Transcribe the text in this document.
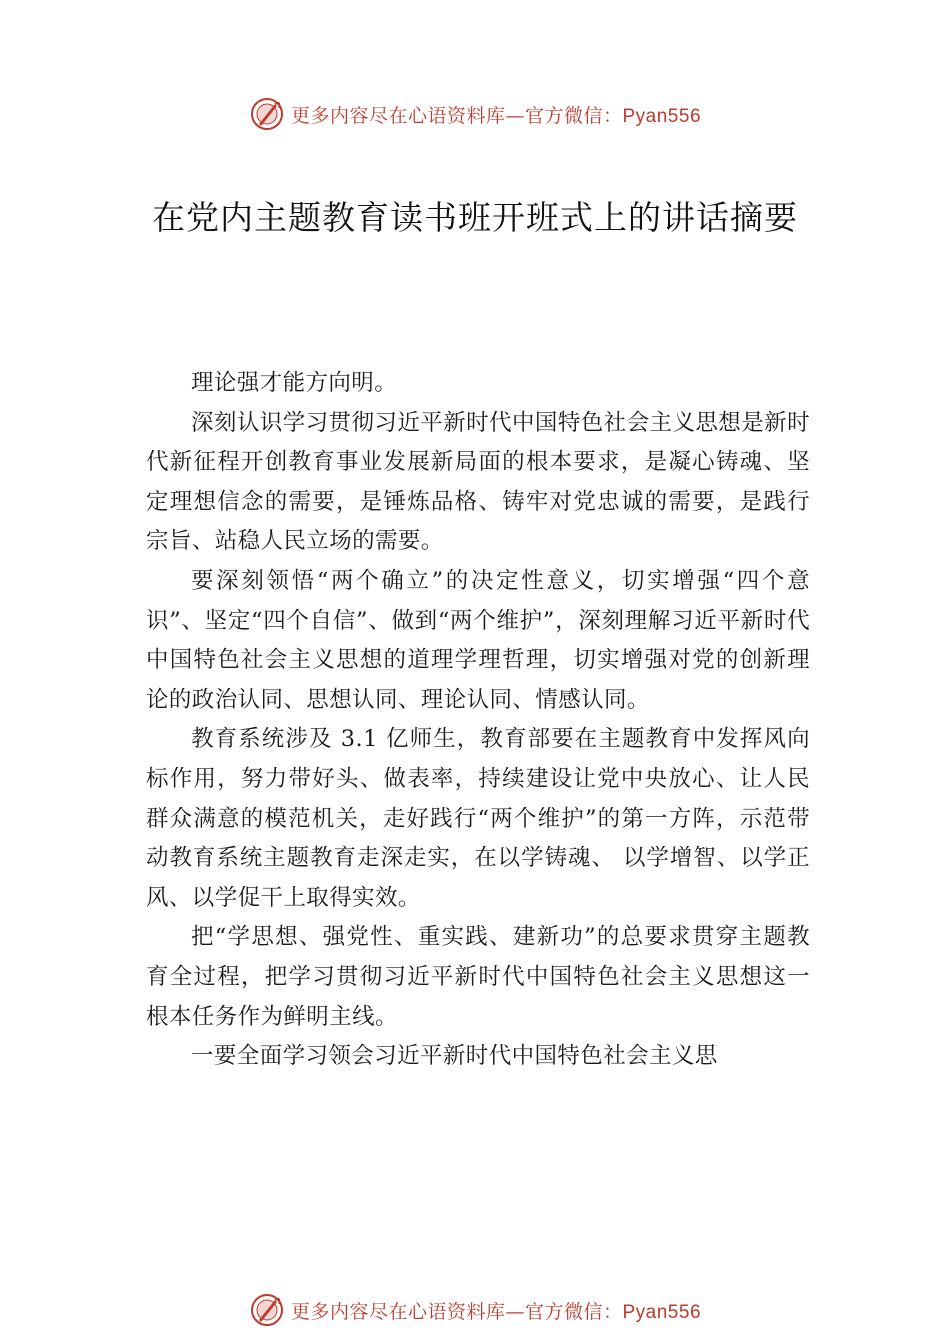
更多内容尽在心语资料库—官方微信：Pyan556
在党内主题教育读书班开班式上的讲话摘要

理论强才能方向明。

深刻认识学习贯彻习近平新时代中国特色社会主义思想是新时代新征程开创教育事业发展新局面的根本要求，是凝心铸魂、坚定理想信念的需要，是锤炼品格、铸牢对党忠诚的需要，是践行宗旨、站稳人民立场的需要。

要深刻领悟“两个确立”的决定性意义，切实增强“四个意识”、坚定“四个自信”、做到“两个维护”，深刻理解习近平新时代中国特色社会主义思想的道理学理哲理，切实增强对党的创新理论的政治认同、思想认同、理论认同、情感认同。

教育系统涉及 3.1 亿师生，教育部要在主题教育中发挥风向标作用，努力带好头、做表率，持续建设让党中央放心、让人民群众满意的模范机关，走好践行“两个维护”的第一方阵，示范带动教育系统主题教育走深走实，在以学铸魂、 以学增智、以学正风、以学促干上取得实效。

把“学思想、强党性、重实践、建新功”的总要求贯穿主题教育全过程，把学习贯彻习近平新时代中国特色社会主义思想这一根本任务作为鲜明主线。

一要全面学习领会习近平新时代中国特色社会主义思

更多内容尽在心语资料库—官方微信：Pyan556
